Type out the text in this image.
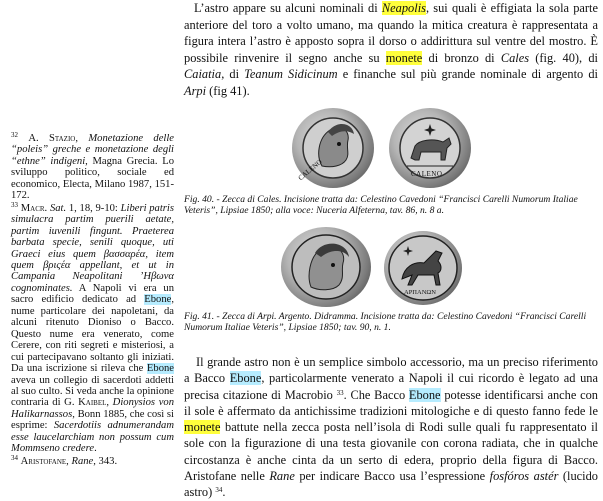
L’astro appare su alcuni nominali di Neapolis, sui quali è effigiata la sola parte anteriore del toro a volto umano, ma quando la mitica creatura è rappresentata a figura intera l’astro è apposto sopra il dorso o addirittura sul ventre del mostro. È possibile rinvenire il segno anche su monete di bronzo di Cales (fig. 40), di Caiatia, di Teanum Sidicinum e finanche sul più grande nominale di argento di Arpi (fig 41).

CALENO	CALENO

Fig. 40. - Zecca di Cales. Incisione tratta da: Celestino Cavedoni “Francisci Carelli Numorum Italiae Veteris”, Lipsiae 1850; alla voce: Nuceria Alfeterna, tav. 86, n. 8 a.

ΑΡΠΑΝΩΝ

Fig. 41. - Zecca di Arpi. Argento. Didramma. Incisione tratta da: Celestino Cavedoni “Francisci Carelli Numorum Italiae Veteris”, Lipsiae 1850; tav. 90, n. 1.

Il grande astro non è un semplice simbolo accessorio, ma un preciso riferimento a Bacco Ebone, particolarmente venerato a Napoli il cui ricordo è legato ad una precisa citazione di Macrobio $^{33}$. Che Bacco Ebone potesse identificarsi anche con il sole è affermato da antichissime tradizioni mitologiche e di questo fanno fede le monete battute nella zecca posta nell’isola di Rodi sulle quali fu rappresentato il sole con la figurazione di una testa giovanile con corona radiata, che in qualche circostanza è anche cinta da un serto di edera, proprio della figura di Bacco. Aristofane nelle Rane per indicare Bacco usa l’espressione fosfóros astér (lucido astro) $^{34}$.

$^{32}$ A. Stazio, Monetazione delle “poleis” greche e monetazione degli “ethne” indigeni, Magna Grecia. Lo sviluppo politico, sociale ed economico, Electa, Milano 1987, 151-172.

$^{33}$ Macr. Sat. 1, 18, 9-10: Liberi patris simulacra partim puerili aetate, partim iuvenili fingunt. Praeterea barbata specie, senili quoque, uti Graeci eius quem βασσαρέα, item quem βριςέα appellant, et ut in Campania Neapolitani ’Ηβωνα cognominates. A Napoli vi era un sacro edificio dedicato ad Ebone, nume particolare dei napoletani, da alcuni ritenuto Dioniso o Bacco. Questo nume era venerato, come Cerere, con riti segreti e misteriosi, a cui partecipavano soltanto gli iniziati. Da una iscrizione si rileva che Ebone aveva un collegio di sacerdoti addetti al suo culto. Si veda anche la opinione contraria di G. Kaibel, Dionysios von Halikarnassos, Bonn 1885, che così si esprime: Sacerdotiis adnumerandam esse laucelarchiam non possum cum Mommseno credere.

$^{34}$ Aristofane, Rane, 343.
